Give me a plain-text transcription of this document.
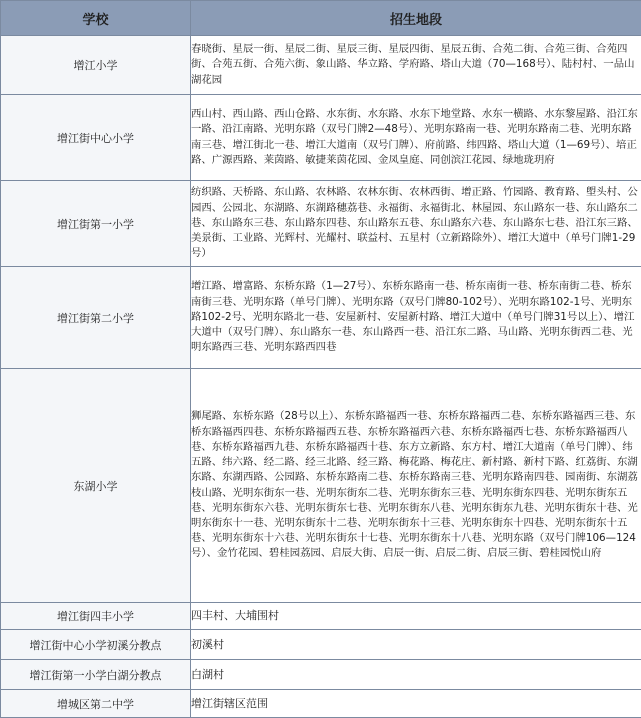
学校	招生地段
增江小学	春晓街、星辰一街、星辰二街、星辰三街、星辰四街、星辰五街、合苑二街、合苑三街、合苑四街、合苑五街、合苑六街、象山路、华立路、学府路、塔山大道（70—168号）、陆村村、一品山湖花园
增江街中心小学	西山村、西山路、西山仓路、水东街、水东路、水东下地堂路、水东一横路、水东黎屋路、沿江东一路、沿江南路、光明东路（双号门牌2—48号）、光明东路南一巷、光明东路南二巷、光明东路南三巷、增江街北一巷、增江大道南（双号门牌）、府前路、纬四路、塔山大道（1—69号）、培正路、广源西路、莱茵路、敏捷莱茵花园、金凤皇庭、同创滨江花园、绿地珑玥府
增江街第一小学	纺织路、天桥路、东山路、农林路、农林东街、农林西街、增正路、竹园路、教育路、塱头村、公园西、公园北、东湖路、东湖路穗荔巷、永福街、永福街北、林屋园、东山路东一巷、东山路东二巷、东山路东三巷、东山路东四巷、东山路东五巷、东山路东六巷、东山路东七巷、沿江东三路、美景街、工业路、光辉村、光耀村、联益村、五星村（立新路除外）、增江大道中（单号门牌1-29号）
增江街第二小学	增江路、增富路、东桥东路（1—27号）、东桥东路南一巷、桥东南街一巷、桥东南街二巷、桥东南街三巷、光明东路（单号门牌）、光明东路（双号门牌80-102号）、光明东路102-1号、光明东路102-2号、光明东路北一巷、安屋新村、安屋新村路、增江大道中（单号门牌31号以上）、增江大道中（双号门牌）、东山路东一巷、东山路西一巷、沿江东二路、马山路、光明东街西二巷、光明东路西三巷、光明东路西四巷
东湖小学	狮尾路、东桥东路（28号以上）、东桥东路福西一巷、东桥东路福西二巷、东桥东路福西三巷、东桥东路福西四巷、东桥东路福西五巷、东桥东路福西六巷、东桥东路福西七巷、东桥东路福西八巷、东桥东路福西九巷、东桥东路福西十巷、东方立新路、东方村、增江大道南（单号门牌）、纬五路、纬六路、经二路、经三北路、经三路、梅花路、梅花庄、新村路、新村下路、红荔街、东湖东路、东湖西路、公园路、东桥东路南二巷、东桥东路南三巷、光明东路南四巷、园南街、东湖荔枝山路、光明东街东一巷、光明东街东二巷、光明东街东三巷、光明东街东四巷、光明东街东五巷、光明东街东六巷、光明东街东七巷、光明东街东八巷、光明东街东九巷、光明东街东十巷、光明东街东十一巷、光明东街东十二巷、光明东街东十三巷、光明东街东十四巷、光明东街东十五巷、光明东街东十六巷、光明东街东十七巷、光明东街东十八巷、光明东路（双号门牌106—124号）、金竹花园、碧桂园荔园、启辰大街、启辰一街、启辰二街、启辰三街、碧桂园悦山府
增江街四丰小学	四丰村、大埔围村
增江街中心小学初溪分教点	初溪村
增江街第一小学白湖分教点	白湖村
增城区第二中学	增江街辖区范围
